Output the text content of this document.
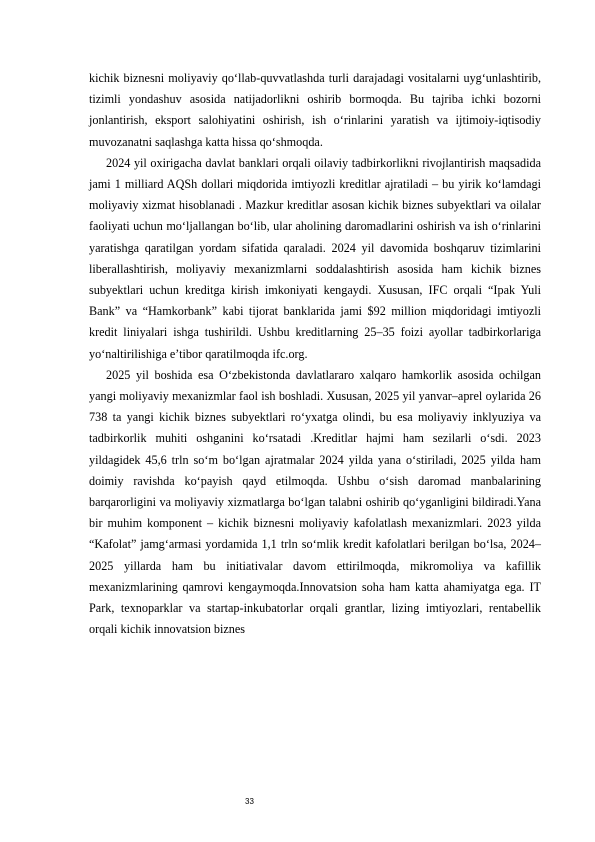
kichik biznesni moliyaviy qo‘llab-quvvatlashda turli darajadagi vositalarni uyg‘unlashtirib, tizimli yondashuv asosida natijadorlikni oshirib bormoqda. Bu tajriba ichki bozorni jonlantirish, eksport salohiyatini oshirish, ish o‘rinlarini yaratish va ijtimoiy-iqtisodiy muvozanatni saqlashga katta hissa qo‘shmoqda.

2024 yil oxirigacha davlat banklari orqali oilaviy tadbirkorlikni rivojlantirish maqsadida jami 1 milliard AQSh dollari miqdorida imtiyozli kreditlar ajratiladi – bu yirik ko‘lamdagi moliyaviy xizmat hisoblanadi . Mazkur kreditlar asosan kichik biznes subyektlari va oilalar faoliyati uchun mo‘ljallangan bo‘lib, ular aholining daromadlarini oshirish va ish o‘rinlarini yaratishga qaratilgan yordam sifatida qaraladi. 2024 yil davomida boshqaruv tizimlarini liberallashtirish, moliyaviy mexanizmlarni soddalashtirish asosida ham kichik biznes subyektlari uchun kreditga kirish imkoniyati kengaydi. Xususan, IFC orqali “Ipak Yuli Bank” va “Hamkorbank” kabi tijorat banklarida jami $92 million miqdoridagi imtiyozli kredit liniyalari ishga tushirildi. Ushbu kreditlarning 25–35 foizi ayollar tadbirkorlariga yo‘naltirilishiga e’tibor qaratilmoqda ifc.org.

2025 yil boshida esa O‘zbekistonda davlatlararo xalqaro hamkorlik asosida ochilgan yangi moliyaviy mexanizmlar faol ish boshladi. Xususan, 2025 yil yanvar–aprel oylarida 26 738 ta yangi kichik biznes subyektlari ro‘yxatga olindi, bu esa moliyaviy inklyuziya va tadbirkorlik muhiti oshganini ko‘rsatadi .Kreditlar hajmi ham sezilarli o‘sdi. 2023 yildagidek 45,6 trln so‘m bo‘lgan ajratmalar 2024 yilda yana o‘stiriladi, 2025 yilda ham doimiy ravishda ko‘payish qayd etilmoqda. Ushbu o‘sish daromad manbalarining barqarorligini va moliyaviy xizmatlarga bo‘lgan talabni oshirib qo‘yganligini bildiradi.Yana bir muhim komponent – kichik biznesni moliyaviy kafolatlash mexanizmlari. 2023 yilda “Kafolat” jamg‘armasi yordamida 1,1 trln so‘mlik kredit kafolatlari berilgan bo‘lsa, 2024–2025 yillarda ham bu initiativalar davom ettirilmoqda, mikromoliya va kafillik mexanizmlarining qamrovi kengaymoqda.Innovatsion soha ham katta ahamiyatga ega. IT Park, texnoparklar va startap-inkubatorlar orqali grantlar, lizing imtiyozlari, rentabellik orqali kichik innovatsion biznes

33
